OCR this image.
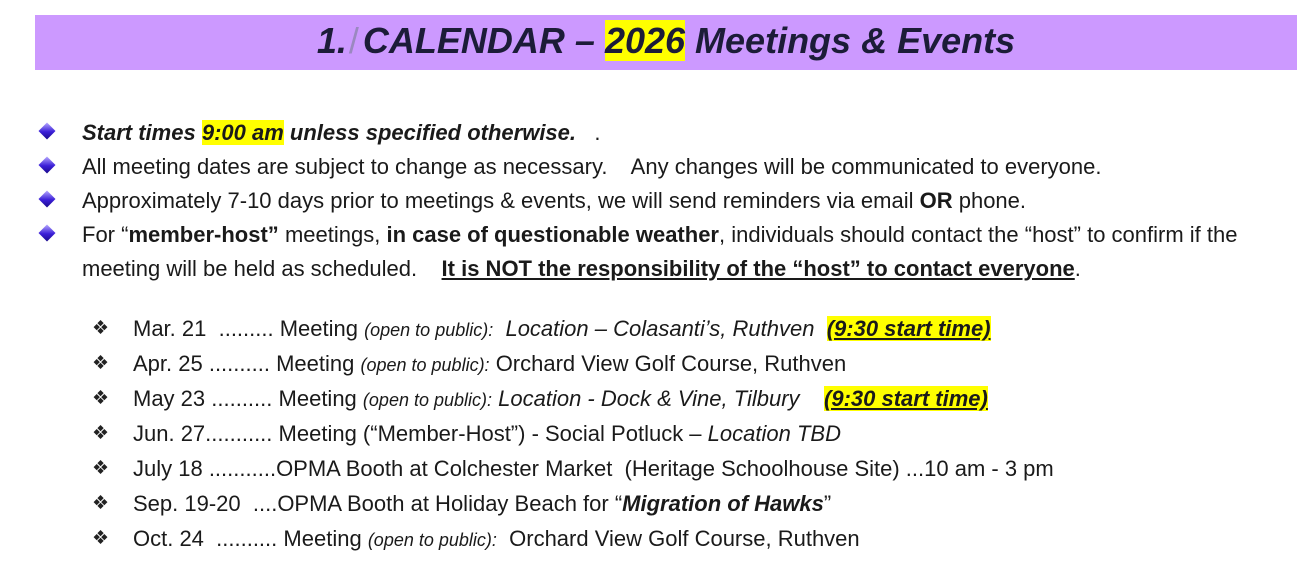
1./ CALENDAR – 2026 Meetings & Events
Start times 9:00 am unless specified otherwise. .
All meeting dates are subject to change as necessary.    Any changes will be communicated to everyone.
Approximately 7-10 days prior to meetings & events, we will send reminders via email OR phone.
For “member-host” meetings, in case of questionable weather, individuals should contact the “host” to confirm if the meeting will be held as scheduled. It is NOT the responsibility of the “host” to contact everyone.
❖ Mar. 21  ......... Meeting (open to public): Location – Colasanti’s, Ruthven (9:30 start time)
❖ Apr. 25 .......... Meeting (open to public): Orchard View Golf Course, Ruthven
❖ May 23 .......... Meeting (open to public): Location - Dock & Vine, Tilbury (9:30 start time)
❖ Jun. 27........... Meeting (“Member-Host”) - Social Potluck – Location TBD
❖ July 18 ...........OPMA Booth at Colchester Market  (Heritage Schoolhouse Site) ...10 am - 3 pm
❖ Sep. 19-20  ....OPMA Booth at Holiday Beach for “Migration of Hawks”
❖ Oct. 24  .......... Meeting (open to public): Orchard View Golf Course, Ruthven
